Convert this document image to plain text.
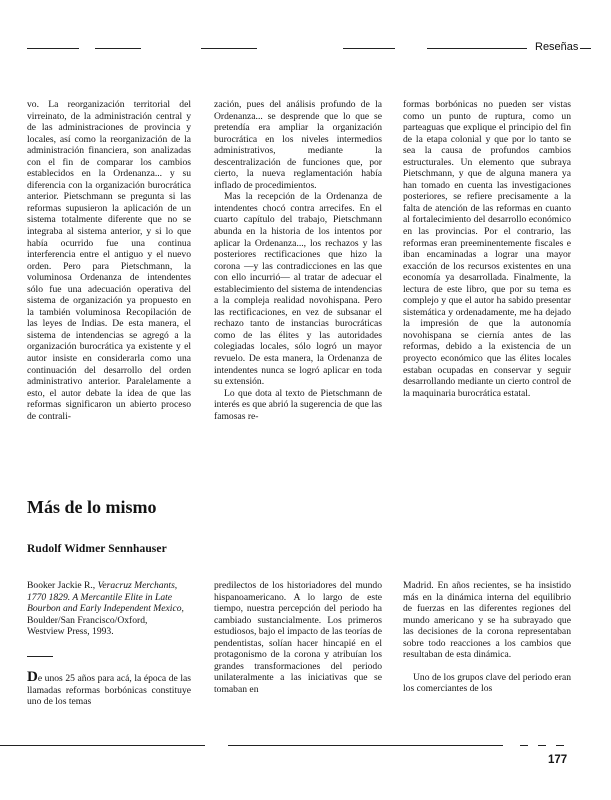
Reseñas

vo. La reorganización territorial del virreinato, de la administración central y de las administraciones de provincia y locales, así como la reorganización de la administración financiera, son analizadas con el fin de comparar los cambios establecidos en la Ordenanza... y su diferencia con la organización burocrática anterior. Pietschmann se pregunta si las reformas supusieron la aplicación de un sistema totalmente diferente que no se integraba al sistema anterior, y si lo que había ocurrido fue una continua interferencia entre el antiguo y el nuevo orden. Pero para Pietschmann, la voluminosa Ordenanza de intendentes sólo fue una adecuación operativa del sistema de organización ya propuesto en la también voluminosa Recopilación de las leyes de Indias. De esta manera, el sistema de intendencias se agregó a la organización burocrática ya existente y el autor insiste en considerarla como una continuación del desarrollo del orden administrativo anterior. Paralelamente a esto, el autor debate la idea de que las reformas significaron un abierto proceso de contrali-

zación, pues del análisis profundo de la Ordenanza... se desprende que lo que se pretendía era ampliar la organización burocrática en los niveles intermedios administrativos, mediante la descentralización de funciones que, por cierto, la nueva reglamentación había inflado de procedimientos.

Mas la recepción de la Ordenanza de intendentes chocó contra arrecifes. En el cuarto capítulo del trabajo, Pietschmann abunda en la historia de los intentos por aplicar la Ordenanza..., los rechazos y las posteriores rectificaciones que hizo la corona —y las contradicciones en las que con ello incurrió— al tratar de adecuar el establecimiento del sistema de intendencias a la compleja realidad novohispana. Pero las rectificaciones, en vez de subsanar el rechazo tanto de instancias burocráticas como de las élites y las autoridades colegiadas locales, sólo logró un mayor revuelo. De esta manera, la Ordenanza de intendentes nunca se logró aplicar en toda su extensión.

Lo que dota al texto de Pietschmann de interés es que abrió la sugerencia de que las famosas re-

formas borbónicas no pueden ser vistas como un punto de ruptura, como un parteaguas que explique el principio del fin de la etapa colonial y que por lo tanto se sea la causa de profundos cambios estructurales. Un elemento que subraya Pietschmann, y que de alguna manera ya han tomado en cuenta las investigaciones posteriores, se refiere precisamente a la falta de atención de las reformas en cuanto al fortalecimiento del desarrollo económico en las provincias. Por el contrario, las reformas eran preeminentemente fiscales e iban encaminadas a lograr una mayor exacción de los recursos existentes en una economía ya desarrollada. Finalmente, la lectura de este libro, que por su tema es complejo y que el autor ha sabido presentar sistemática y ordenadamente, me ha dejado la impresión de que la autonomía novohispana se ciernía antes de las reformas, debido a la existencia de un proyecto económico que las élites locales estaban ocupadas en conservar y seguir desarrollando mediante un cierto control de la maquinaria burocrática estatal.

Más de lo mismo
Rudolf Widmer Sennhauser
Booker Jackie R., Veracruz Merchants, 1770 1829. A Mercantile Elite in Late Bourbon and Early Independent Mexico, Boulder/San Francisco/Oxford, Westview Press, 1993.
De unos 25 años para acá, la época de las llamadas reformas borbónicas constituye uno de los temas

predilectos de los historiadores del mundo hispanoamericano. A lo largo de este tiempo, nuestra percepción del periodo ha cambiado sustancialmente. Los primeros estudiosos, bajo el impacto de las teorías de pendentistas, solían hacer hincapié en el protagonismo de la corona y atribuían los grandes transformaciones del periodo unilateralmente a las iniciativas que se tomaban en

Madrid. En años recientes, se ha insistido más en la dinámica interna del equilibrio de fuerzas en las diferentes regiones del mundo americano y se ha subrayado que las decisiones de la corona representaban sobre todo reacciones a los cambios que resultaban de esta dinámica.

Uno de los grupos clave del periodo eran los comerciantes de los

177
